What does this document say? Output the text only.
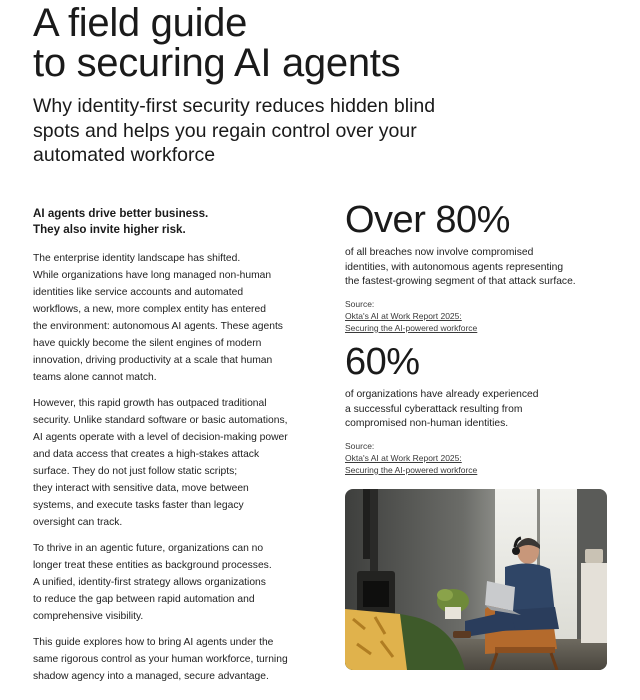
A field guide
to securing AI agents
Why identity-first security reduces hidden blind
spots and helps you regain control over your
automated workforce
AI agents drive better business.
They also invite higher risk.
The enterprise identity landscape has shifted.
While organizations have long managed non-human
identities like service accounts and automated
workflows, a new, more complex entity has entered
the environment: autonomous AI agents. These agents
have quickly become the silent engines of modern
innovation, driving productivity at a scale that human
teams alone cannot match.
However, this rapid growth has outpaced traditional
security. Unlike standard software or basic automations,
AI agents operate with a level of decision-making power
and data access that creates a high-stakes attack
surface. They do not just follow static scripts;
they interact with sensitive data, move between
systems, and execute tasks faster than legacy
oversight can track.
To thrive in an agentic future, organizations can no
longer treat these entities as background processes.
A unified, identity-first strategy allows organizations
to reduce the gap between rapid automation and
comprehensive visibility.
This guide explores how to bring AI agents under the
same rigorous control as your human workforce, turning
shadow agency into a managed, secure advantage.
Over 80%
of all breaches now involve compromised
identities, with autonomous agents representing
the fastest-growing segment of that attack surface.
Source:
Okta's AI at Work Report 2025:
Securing the AI-powered workforce
60%
of organizations have already experienced
a successful cyberattack resulting from
compromised non-human identities.
Source:
Okta's AI at Work Report 2025:
Securing the AI-powered workforce
